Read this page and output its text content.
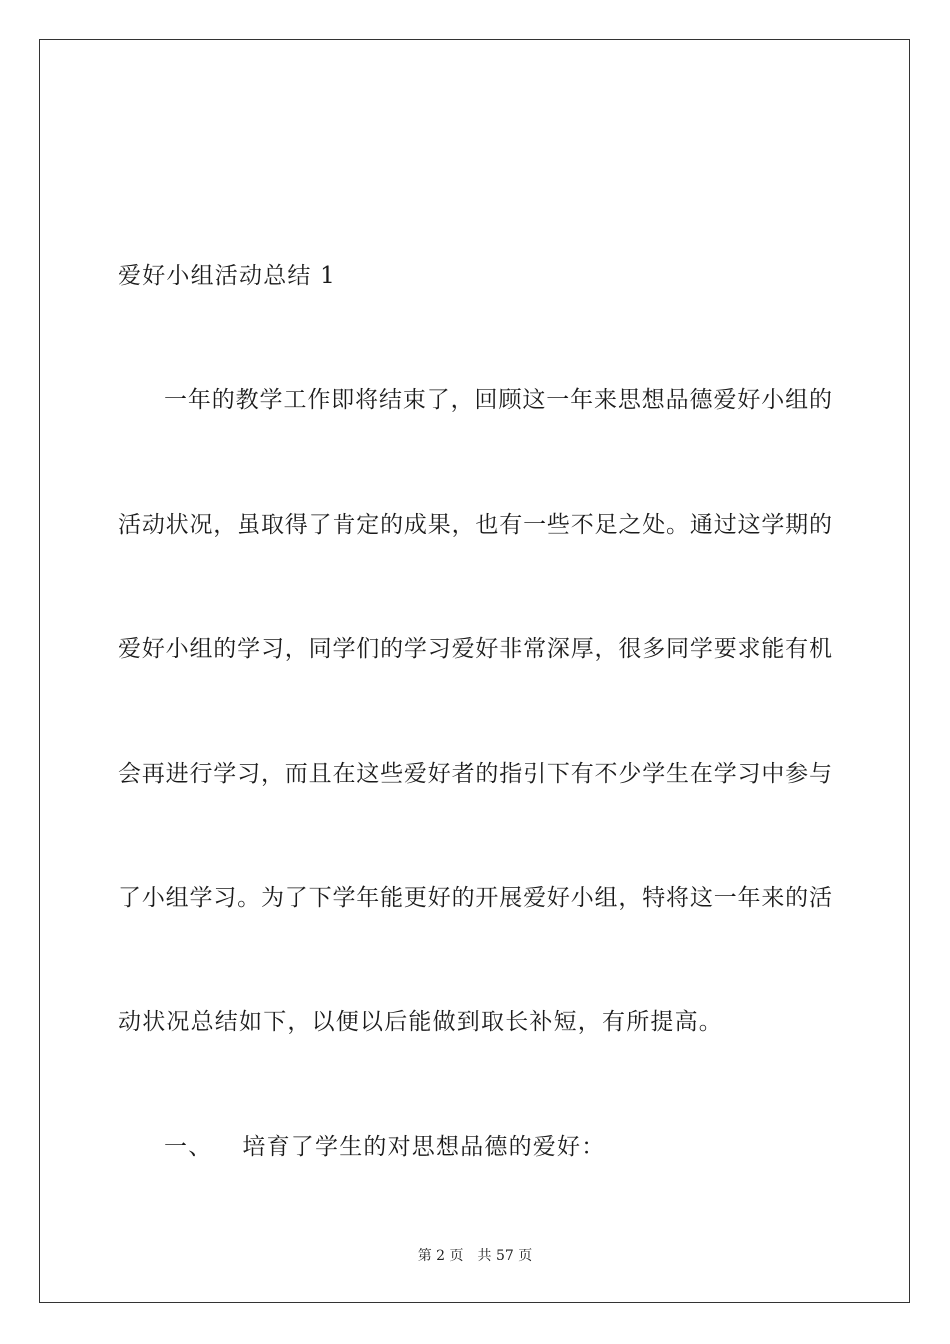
爱好小组活动总结 1
一年的教学工作即将结束了，回顾这一年来思想品德爱好小组的
活动状况，虽取得了肯定的成果，也有一些不足之处。通过这学期的
爱好小组的学习，同学们的学习爱好非常深厚，很多同学要求能有机
会再进行学习，而且在这些爱好者的指引下有不少学生在学习中参与
了小组学习。为了下学年能更好的开展爱好小组，特将这一年来的活
动状况总结如下，以便以后能做到取长补短，有所提高。
一、 培育了学生的对思想品德的爱好：
第 2 页 共 57 页
